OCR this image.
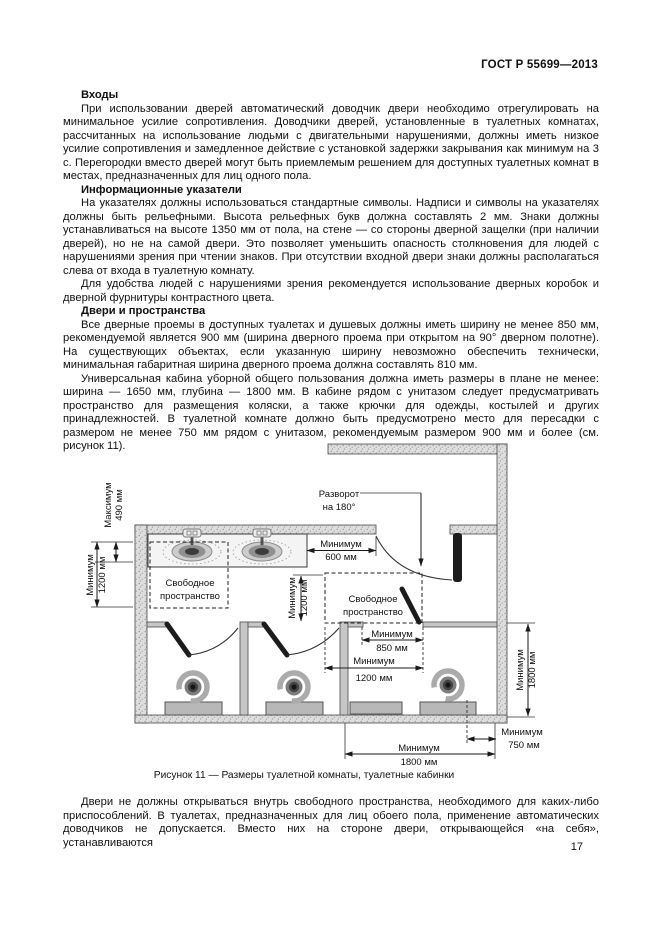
ГОСТ Р 55699—2013

Входы

При использовании дверей автоматический доводчик двери необходимо отрегулировать на минимальное усилие сопротивления. Доводчики дверей, установленные в туалетных комнатах, рассчитанных на использование людьми с двигательными нарушениями, должны иметь низкое усилие сопротивления и замедленное действие с установкой задержки закрывания как минимум на 3 с. Перегородки вместо дверей могут быть приемлемым решением для доступных туалетных комнат в местах, предназначенных для лиц одного пола.

Информационные указатели

На указателях должны использоваться стандартные символы. Надписи и символы на указателях должны быть рельефными. Высота рельефных букв должна составлять 2 мм. Знаки должны устанавливаться на высоте 1350 мм от пола, на стене — со стороны дверной защелки (при наличии дверей), но не на самой двери. Это позволяет уменьшить опасность столкновения для людей с нарушениями зрения при чтении знаков. При отсутствии входной двери знаки должны располагаться слева от входа в туалетную комнату.

Для удобства людей с нарушениями зрения рекомендуется использование дверных коробок и дверной фурнитуры контрастного цвета.

Двери и пространства

Все дверные проемы в доступных туалетах и душевых должны иметь ширину не менее 850 мм, рекомендуемой является 900 мм (ширина дверного проема при открытом на 90° дверном полотне). На существующих объектах, если указанную ширину невозможно обеспечить технически, минимальная габаритная ширина дверного проема должна составлять 810 мм.

Универсальная кабина уборной общего пользования должна иметь размеры в плане не менее: ширина — 1650 мм, глубина — 1800 мм. В кабине рядом с унитазом следует предусматривать пространство для размещения коляски, а также крючки для одежды, костылей и других принадлежностей. В туалетной комнате должно быть предусмотрено место для пересадки с размером не менее 750 мм рядом с унитазом, рекомендуемым размером 900 мм и более (см. рисунок 11).

Разворот
на 180°
Максимум 490 мм
Минимум 1200 мм
Минимум
600 мм
Минимум 1200 мм
Свободное
пространство	Свободное
пространство
Минимум
850 мм
Минимум
1200 мм	Минимум 1800 мм
Минимум
750 мм
Минимум
1800 мм
Рисунок 11 — Размеры туалетной комнаты, туалетные кабинки

Двери не должны открываться внутрь свободного пространства, необходимого для каких-либо приспособлений. В туалетах, предназначенных для лиц обоего пола, применение автоматических доводчиков не допускается. Вместо них на стороне двери, открывающейся «на себя», устанавливаются	17
